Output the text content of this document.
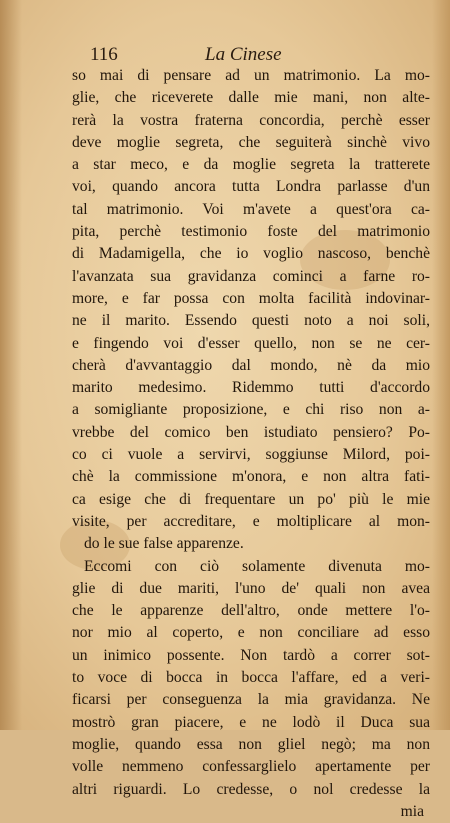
116	La Cinese
so mai di pensare ad un matrimonio. La mo-
glie, che riceverete dalle mie mani, non alte-
rerà la vostra fraterna concordia, perchè esser
deve moglie segreta, che seguiterà sinchè vivo
a star meco, e da moglie segreta la tratterete
voi, quando ancora tutta Londra parlasse d'un
tal matrimonio. Voi m'avete a quest'ora ca-
pita, perchè testimonio foste del matrimonio
di Madamigella, che io voglio nascoso, benchè
l'avanzata sua gravidanza cominci a farne ro-
more, e far possa con molta facilità indovinar-
ne il marito. Essendo questi noto a noi soli,
e fingendo voi d'esser quello, non se ne cer-
cherà d'avvantaggio dal mondo, nè da mio
marito medesimo. Ridemmo tutti d'accordo
a somigliante proposizione, e chi riso non a-
vrebbe del comico ben istudiato pensiero? Po-
co ci vuole a servirvi, soggiunse Milord, poi-
chè la commissione m'onora, e non altra fati-
ca esige che di frequentare un po' più le mie
visite, per accreditare, e moltiplicare al mon-
do le sue false apparenze.
Eccomi con ciò solamente divenuta mo-
glie di due mariti, l'uno de' quali non avea
che le apparenze dell'altro, onde mettere l'o-
nor mio al coperto, e non conciliare ad esso
un inimico possente. Non tardò a correr sot-
to voce di bocca in bocca l'affare, ed a veri-
ficarsi per conseguenza la mia gravidanza. Ne
mostrò gran piacere, e ne lodò il Duca sua
moglie, quando essa non gliel negò; ma non
volle nemmeno confessarglielo apertamente per
altri riguardi. Lo credesse, o nol credesse la
mia
